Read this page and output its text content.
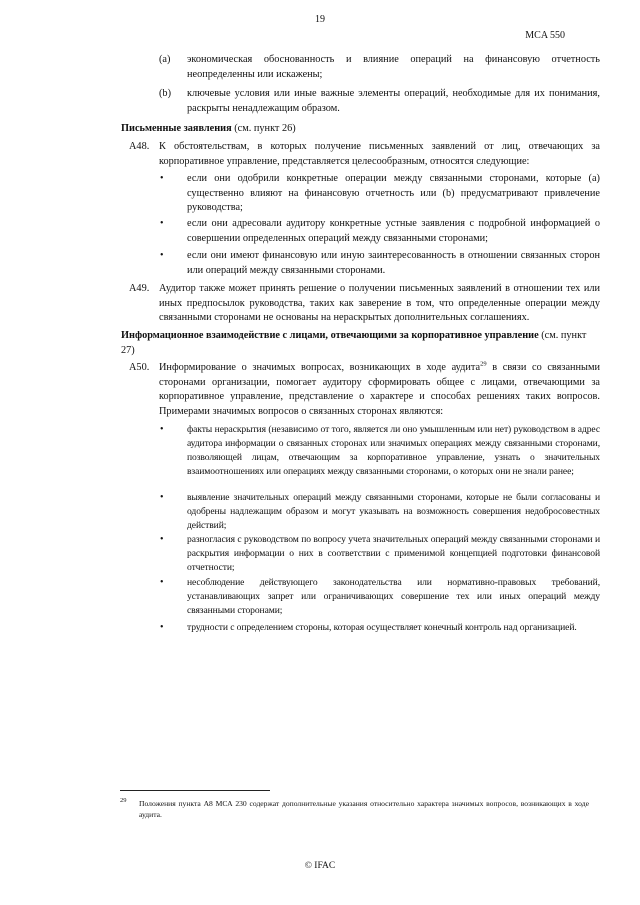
19
MCA 550
(a) экономическая обоснованность и влияние операций на финансовую отчетность неопределенны или искажены;
(b) ключевые условия или иные важные элементы операций, необходимые для их понимания, раскрыты ненадлежащим образом.
Письменные заявления (см. пункт 26)
A48. К обстоятельствам, в которых получение письменных заявлений от лиц, отвечающих за корпоративное управление, представляется целесообразным, относятся следующие:
• если они одобрили конкретные операции между связанными сторонами, которые (а) существенно влияют на финансовую отчетность или (b) предусматривают привлечение руководства;
• если они адресовали аудитору конкретные устные заявления с подробной информацией о совершении определенных операций между связанными сторонами;
• если они имеют финансовую или иную заинтересованность в отношении связанных сторон или операций между связанными сторонами.
A49. Аудитор также может принять решение о получении письменных заявлений в отношении тех или иных предпосылок руководства, таких как заверение в том, что определенные операции между связанными сторонами не основаны на нераскрытых дополнительных соглашениях.
Информационное взаимодействие с лицами, отвечающими за корпоративное управление (см. пункт 27)
A50. Информирование о значимых вопросах, возникающих в ходе аудита$^{29}$ в связи со связанными сторонами организации, помогает аудитору сформировать общее с лицами, отвечающими за корпоративное управление, представление о характере и способах решениях таких вопросов. Примерами значимых вопросов о связанных сторонах являются:
• факты нераскрытия (независимо от того, является ли оно умышленным или нет) руководством в адрес аудитора информации о связанных сторонах или значимых операциях между связанными сторонами, позволяющей лицам, отвечающим за корпоративное управление, узнать о значительных взаимоотношениях или операциях между связанными сторонами, о которых они не знали ранее;
• выявление значительных операций между связанными сторонами, которые не были согласованы и одобрены надлежащим образом и могут указывать на возможность совершения недобросовестных действий;
• разногласия с руководством по вопросу учета значительных операций между связанными сторонами и раскрытия информации о них в соответствии с применимой концепцией подготовки финансовой отчетности;
• несоблюдение действующего законодательства или нормативно-правовых требований, устанавливающих запрет или ограничивающих совершение тех или иных операций между связанными сторонами;
• трудности с определением стороны, которая осуществляет конечный контроль над организацией.
29 Положения пункта А8 МСА 230 содержат дополнительные указания относительно характера значимых вопросов, возникающих в ходе аудита.
© IFAC
